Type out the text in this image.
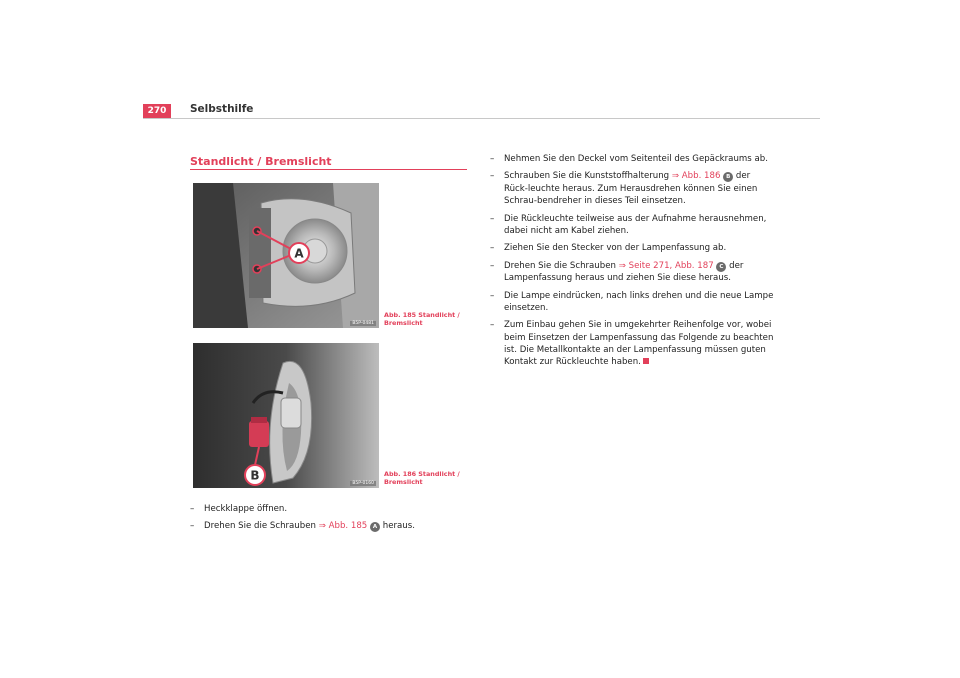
270	Selbsthilfe
Standlicht / Bremslicht
A
B5P-0481
Abb. 185 Standlicht / Bremslicht
B
B5P-0160
Abb. 186 Standlicht / Bremslicht
– Heckklappe öffnen.
– Drehen Sie die Schrauben ⇒ Abb. 185 A heraus.
– Nehmen Sie den Deckel vom Seitenteil des Gepäckraums ab.
– Schrauben Sie die Kunststoffhalterung ⇒ Abb. 186 B der Rück-leuchte heraus. Zum Herausdrehen können Sie einen Schrau-bendreher in dieses Teil einsetzen.
– Die Rückleuchte teilweise aus der Aufnahme herausnehmen, dabei nicht am Kabel ziehen.
– Ziehen Sie den Stecker von der Lampenfassung ab.
– Drehen Sie die Schrauben ⇒ Seite 271, Abb. 187 C der Lampenfassung heraus und ziehen Sie diese heraus.
– Die Lampe eindrücken, nach links drehen und die neue Lampe einsetzen.
– Zum Einbau gehen Sie in umgekehrter Reihenfolge vor, wobei beim Einsetzen der Lampenfassung das Folgende zu beachten ist. Die Metallkontakte an der Lampenfassung müssen guten Kontakt zur Rückleuchte haben.
